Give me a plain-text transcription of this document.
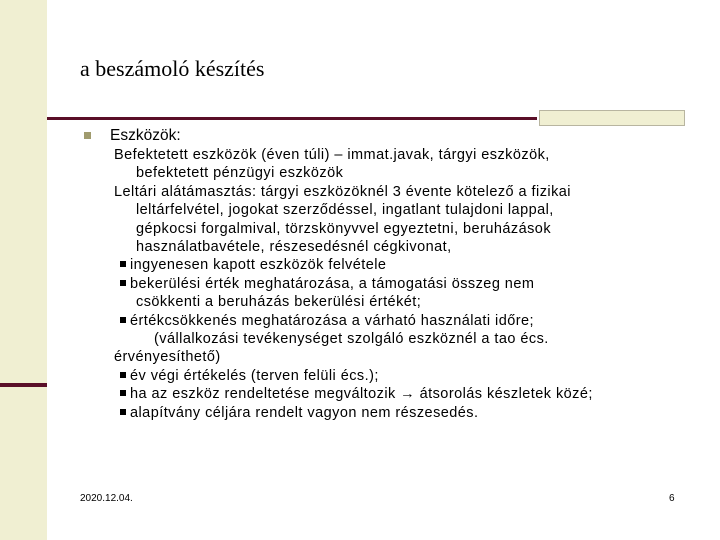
a beszámoló készítés
Eszközök:
Befektetett eszközök (éven túli) – immat.javak, tárgyi eszközök,
befektetett pénzügyi eszközök
Leltári alátámasztás: tárgyi eszközöknél 3 évente kötelező a fizikai
leltárfelvétel, jogokat szerződéssel, ingatlant tulajdoni lappal,
gépkocsi forgalmival, törzskönyvvel egyeztetni, beruházások
használatbavétele, részesedésnél cégkivonat,
ingyenesen kapott eszközök felvétele
bekerülési érték meghatározása, a támogatási összeg nem
csökkenti a beruházás bekerülési értékét;
értékcsökkenés meghatározása a várható használati időre;
(vállalkozási tevékenységet szolgáló eszköznél a tao écs.
érvényesíthető)
év végi értékelés (terven felüli écs.);
ha az eszköz rendeltetése megváltozik → átsorolás készletek közé;
alapítvány céljára rendelt vagyon nem részesedés.
2020.12.04.	6
